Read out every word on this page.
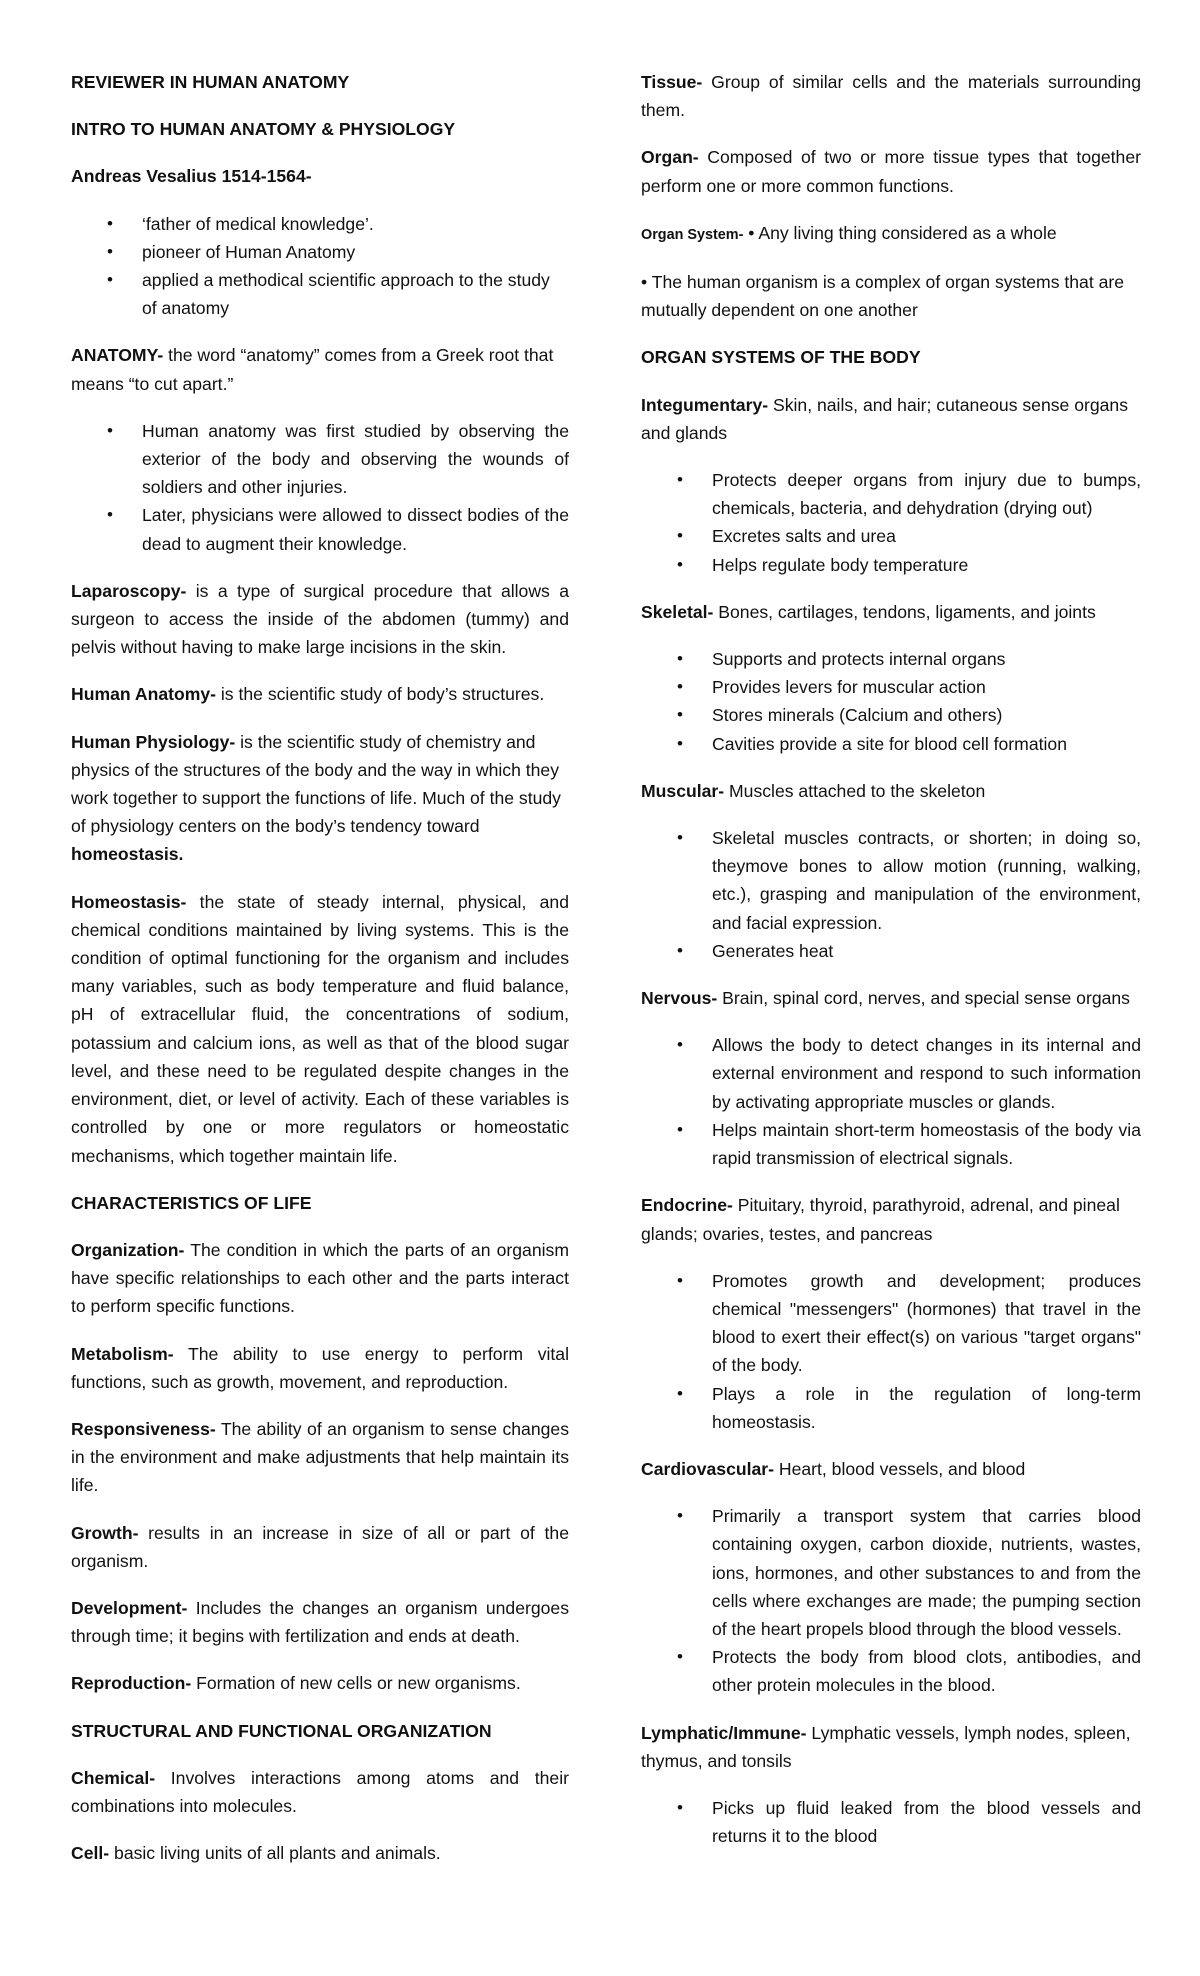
REVIEWER IN HUMAN ANATOMY
INTRO TO HUMAN ANATOMY & PHYSIOLOGY
Andreas Vesalius 1514-1564-
• ‘father of medical knowledge’.
• pioneer of Human Anatomy
• applied a methodical scientific approach to the study of anatomy
ANATOMY- the word “anatomy” comes from a Greek root that means “to cut apart.”
• Human anatomy was first studied by observing the exterior of the body and observing the wounds of soldiers and other injuries.
• Later, physicians were allowed to dissect bodies of the dead to augment their knowledge.
Laparoscopy- is a type of surgical procedure that allows a surgeon to access the inside of the abdomen (tummy) and pelvis without having to make large incisions in the skin.
Human Anatomy- is the scientific study of body’s structures.
Human Physiology- is the scientific study of chemistry and physics of the structures of the body and the way in which they work together to support the functions of life. Much of the study of physiology centers on the body’s tendency toward homeostasis.
Homeostasis- the state of steady internal, physical, and chemical conditions maintained by living systems. This is the condition of optimal functioning for the organism and includes many variables, such as body temperature and fluid balance, pH of extracellular fluid, the concentrations of sodium, potassium and calcium ions, as well as that of the blood sugar level, and these need to be regulated despite changes in the environment, diet, or level of activity. Each of these variables is controlled by one or more regulators or homeostatic mechanisms, which together maintain life.
CHARACTERISTICS OF LIFE
Organization- The condition in which the parts of an organism have specific relationships to each other and the parts interact to perform specific functions.
Metabolism- The ability to use energy to perform vital functions, such as growth, movement, and reproduction.
Responsiveness- The ability of an organism to sense changes in the environment and make adjustments that help maintain its life.
Growth- results in an increase in size of all or part of the organism.
Development- Includes the changes an organism undergoes through time; it begins with fertilization and ends at death.
Reproduction- Formation of new cells or new organisms.
STRUCTURAL AND FUNCTIONAL ORGANIZATION
Chemical- Involves interactions among atoms and their combinations into molecules.
Cell- basic living units of all plants and animals.
Tissue- Group of similar cells and the materials surrounding them.
Organ- Composed of two or more tissue types that together perform one or more common functions.
Organ System- • Any living thing considered as a whole
• The human organism is a complex of organ systems that are mutually dependent on one another
ORGAN SYSTEMS OF THE BODY
Integumentary- Skin, nails, and hair; cutaneous sense organs and glands
• Protects deeper organs from injury due to bumps, chemicals, bacteria, and dehydration (drying out)
• Excretes salts and urea
• Helps regulate body temperature
Skeletal- Bones, cartilages, tendons, ligaments, and joints
• Supports and protects internal organs
• Provides levers for muscular action
• Stores minerals (Calcium and others)
• Cavities provide a site for blood cell formation
Muscular- Muscles attached to the skeleton
• Skeletal muscles contracts, or shorten; in doing so, theymove bones to allow motion (running, walking, etc.), grasping and manipulation of the environment, and facial expression.
• Generates heat
Nervous- Brain, spinal cord, nerves, and special sense organs
• Allows the body to detect changes in its internal and external environment and respond to such information by activating appropriate muscles or glands.
• Helps maintain short-term homeostasis of the body via rapid transmission of electrical signals.
Endocrine- Pituitary, thyroid, parathyroid, adrenal, and pineal glands; ovaries, testes, and pancreas
• Promotes growth and development; produces chemical "messengers" (hormones) that travel in the blood to exert their effect(s) on various "target organs" of the body.
• Plays a role in the regulation of long-term homeostasis.
Cardiovascular- Heart, blood vessels, and blood
• Primarily a transport system that carries blood containing oxygen, carbon dioxide, nutrients, wastes, ions, hormones, and other substances to and from the cells where exchanges are made; the pumping section of the heart propels blood through the blood vessels.
• Protects the body from blood clots, antibodies, and other protein molecules in the blood.
Lymphatic/Immune- Lymphatic vessels, lymph nodes, spleen, thymus, and tonsils
• Picks up fluid leaked from the blood vessels and returns it to the blood
